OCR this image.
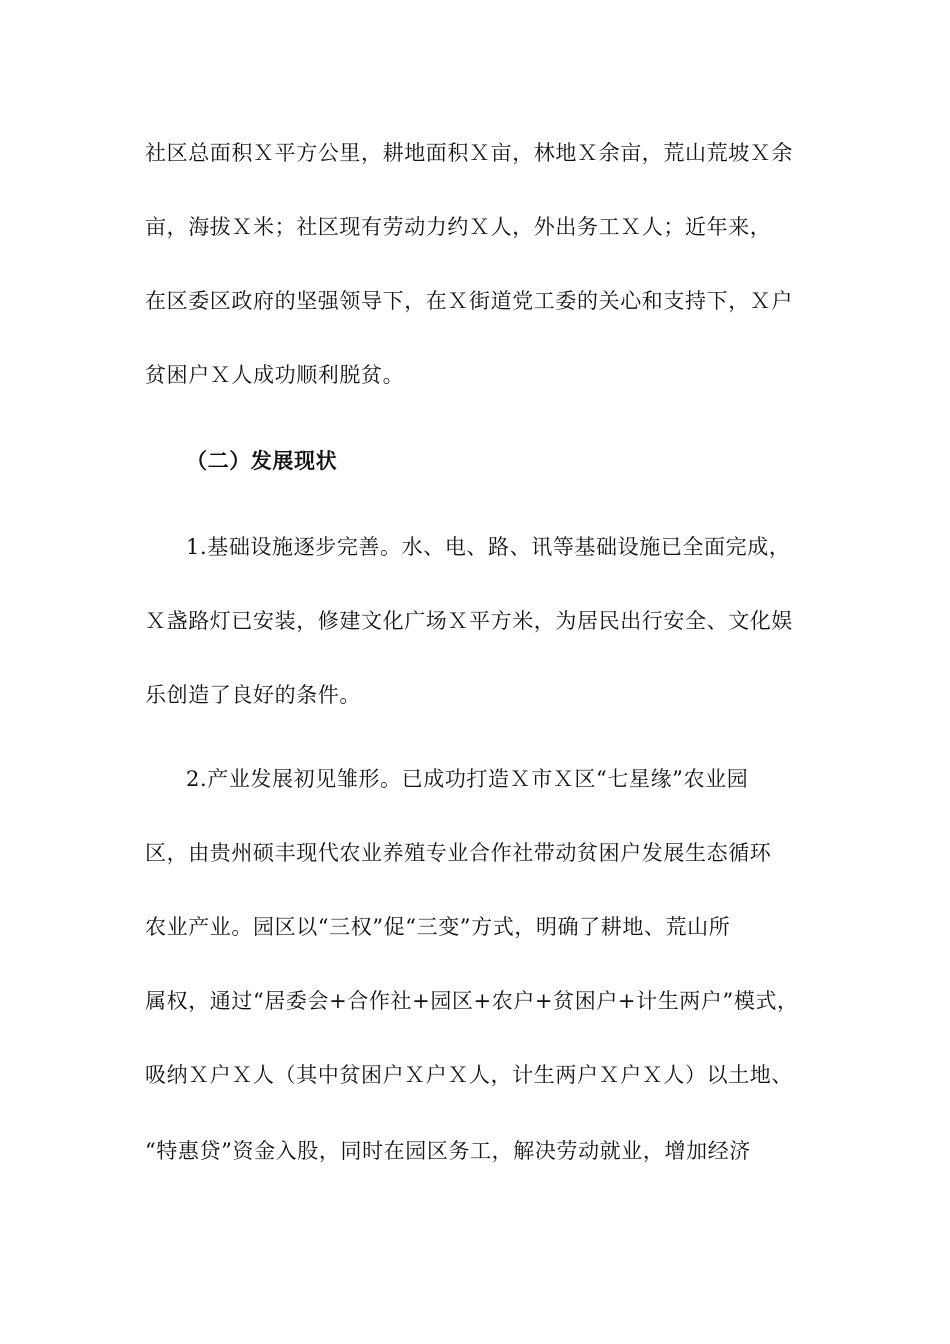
社区总面积Ｘ平方公里，耕地面积Ｘ亩，林地Ｘ余亩，荒山荒坡Ｘ余
亩，海拔Ｘ米；社区现有劳动力约Ｘ人，外出务工Ｘ人；近年来，
在区委区政府的坚强领导下，在Ｘ街道党工委的关心和支持下，Ｘ户
贫困户Ｘ人成功顺利脱贫。
（二）发展现状
1.基础设施逐步完善。水、电、路、讯等基础设施已全面完成，
Ｘ盏路灯已安装，修建文化广场Ｘ平方米，为居民出行安全、文化娱
乐创造了良好的条件。
2.产业发展初见雏形。已成功打造Ｘ市Ｘ区“七星缘”农业园
区，由贵州硕丰现代农业养殖专业合作社带动贫困户发展生态循环
农业产业。园区以“三权”促“三变”方式，明确了耕地、荒山所
属权，通过“居委会+合作社+园区+农户+贫困户+计生两户”模式，
吸纳Ｘ户Ｘ人（其中贫困户Ｘ户Ｘ人，计生两户Ｘ户Ｘ人）以土地、
“特惠贷”资金入股，同时在园区务工，解决劳动就业，增加经济
